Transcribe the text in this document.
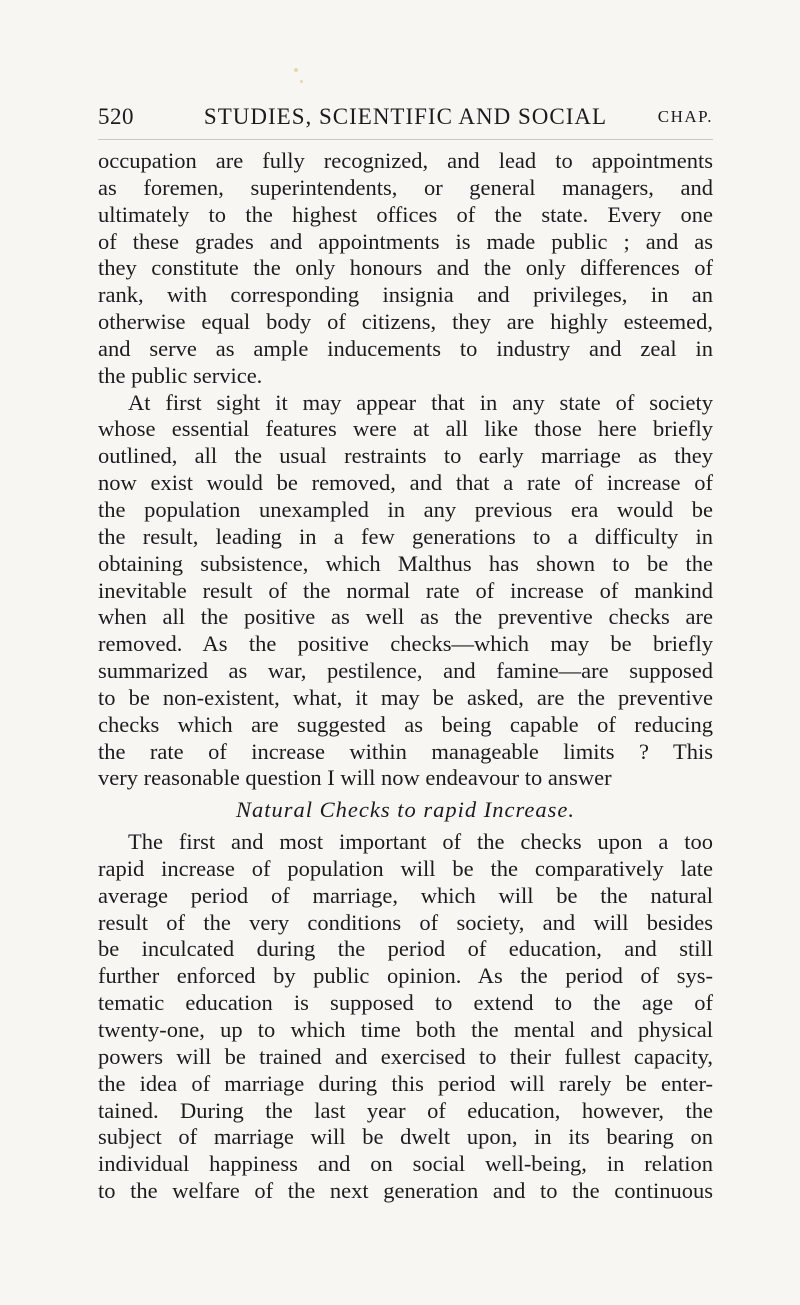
520	STUDIES, SCIENTIFIC AND SOCIAL	CHAP.
occupation are fully recognized, and lead to appointments
as foremen, superintendents, or general managers, and
ultimately to the highest offices of the state. Every one
of these grades and appointments is made public ; and as
they constitute the only honours and the only differences of
rank, with corresponding insignia and privileges, in an
otherwise equal body of citizens, they are highly esteemed,
and serve as ample inducements to industry and zeal in
the public service.
At first sight it may appear that in any state of society
whose essential features were at all like those here briefly
outlined, all the usual restraints to early marriage as they
now exist would be removed, and that a rate of increase of
the population unexampled in any previous era would be
the result, leading in a few generations to a difficulty in
obtaining subsistence, which Malthus has shown to be the
inevitable result of the normal rate of increase of mankind
when all the positive as well as the preventive checks are
removed. As the positive checks—which may be briefly
summarized as war, pestilence, and famine—are supposed
to be non-existent, what, it may be asked, are the preventive
checks which are suggested as being capable of reducing
the rate of increase within manageable limits ? This
very reasonable question I will now endeavour to answer
Natural Checks to rapid Increase.
The first and most important of the checks upon a too
rapid increase of population will be the comparatively late
average period of marriage, which will be the natural
result of the very conditions of society, and will besides
be inculcated during the period of education, and still
further enforced by public opinion. As the period of sys-
tematic education is supposed to extend to the age of
twenty-one, up to which time both the mental and physical
powers will be trained and exercised to their fullest capacity,
the idea of marriage during this period will rarely be enter-
tained. During the last year of education, however, the
subject of marriage will be dwelt upon, in its bearing on
individual happiness and on social well-being, in relation
to the welfare of the next generation and to the continuous
